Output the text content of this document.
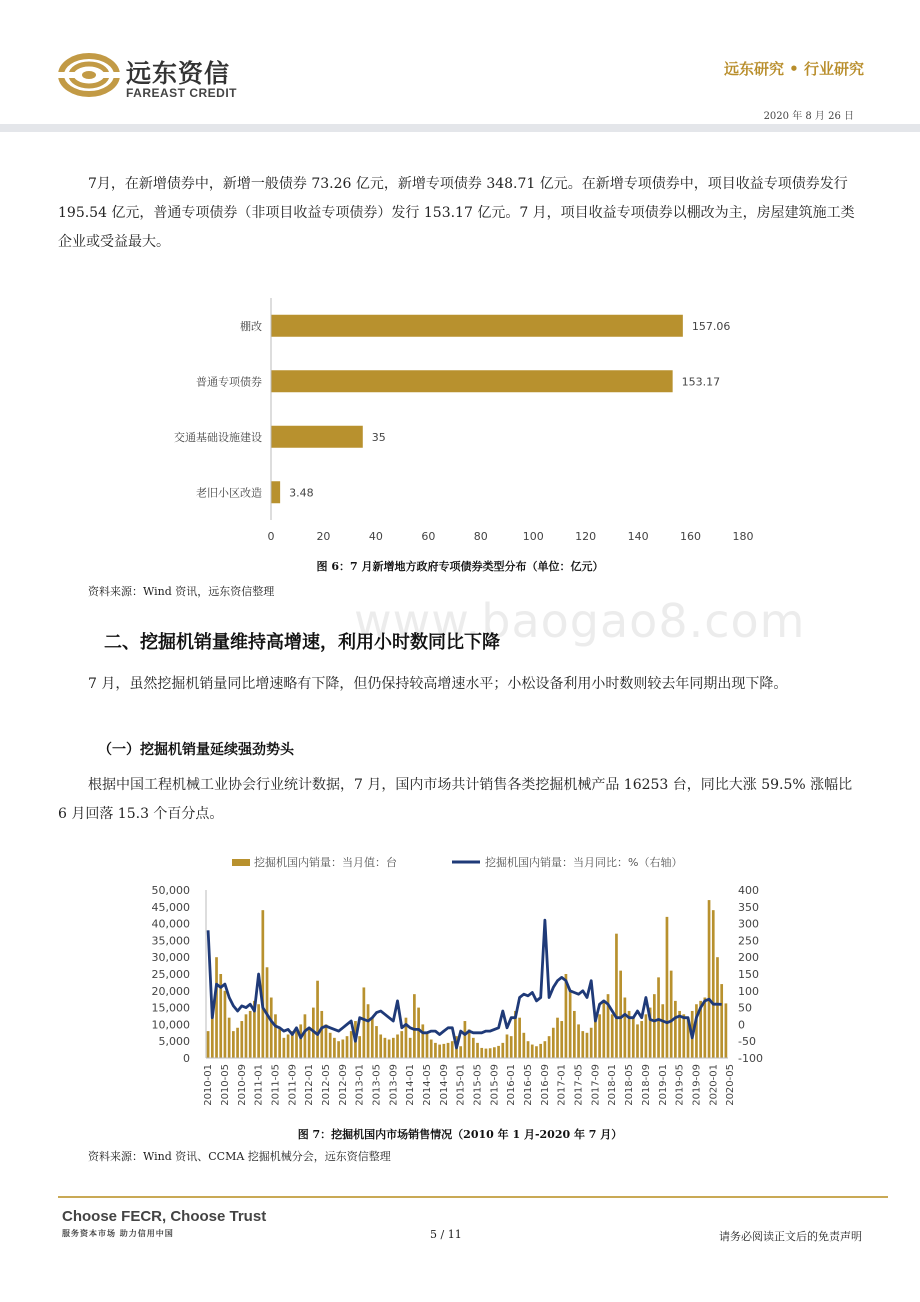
远东资信
FAREAST CREDIT
远东研究 • 行业研究
2020 年 8 月 26 日
7月，在新增债券中，新增一般债券 73.26 亿元，新增专项债券 348.71 亿元。在新增专项债券中，项目收益专项债券发行 195.54 亿元，普通专项债券（非项目收益专项债券）发行 153.17 亿元。7 月，项目收益专项债券以棚改为主，房屋建筑施工类企业或受益最大。
棚改
普通专项债券
交通基础设施建设
老旧小区改造
157.06
153.17
35
3.48
0	20	40	60	80	100	120	140	160	180
图 6：7 月新增地方政府专项债券类型分布（单位：亿元）
资料来源：Wind 资讯，远东资信整理
www.baogao8.com
二、挖掘机销量维持高增速，利用小时数同比下降
7 月，虽然挖掘机销量同比增速略有下降，但仍保持较高增速水平；小松设备利用小时数则较去年同期出现下降。
（一）挖掘机销量延续强劲势头
根据中国工程机械工业协会行业统计数据，7 月，国内市场共计销售各类挖掘机械产品 16253 台，同比大涨 59.5% 涨幅比 6 月回落 15.3 个百分点。
挖掘机国内销量：当月值：台	挖掘机国内销量：当月同比：%（右轴）
0
5,000
10,000
15,000
20,000
25,000
30,000
35,000
40,000
45,000
50,000
-100
-50
0
50
100
150
200
250
300
350
400
2010-01 2010-05 2010-09 2011-01 2011-05 2011-09 2012-01 2012-05 2012-09 2013-01 2013-05 2013-09 2014-01 2014-05 2014-09 2015-01 2015-05 2015-09 2016-01 2016-05 2016-09 2017-01 2017-05 2017-09 2018-01 2018-05 2018-09 2019-01 2019-05 2019-09 2020-01 2020-05
图 7：挖掘机国内市场销售情况（2010 年 1 月-2020 年 7 月）
资料来源：Wind 资讯、CCMA 挖掘机械分会，远东资信整理
Choose FECR, Choose Trust
服务资本市场 助力信用中国	5 / 11	请务必阅读正文后的免责声明
